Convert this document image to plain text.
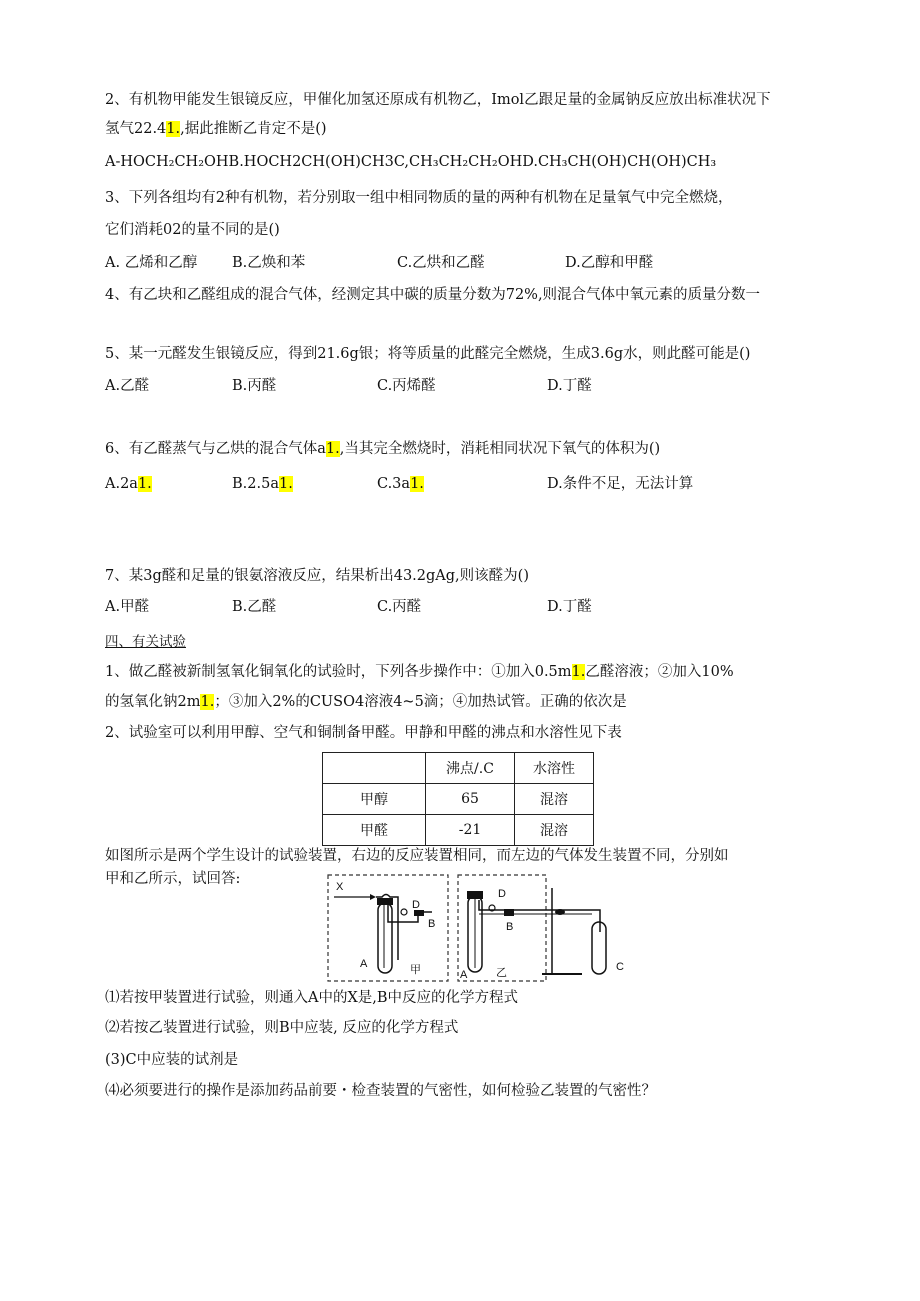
2、有机物甲能发生银镜反应，甲催化加氢还原成有机物乙，Imol乙跟足量的金属钠反应放出标准状况下
氢气22.41.,据此推断乙肯定不是()
A-HOCH₂CH₂OHB.HOCH2CH(OH)CH3C,CH₃CH₂CH₂OHD.CH₃CH(OH)CH(OH)CH₃
3、下列各组均有2种有机物，若分别取一组中相同物质的量的两种有机物在足量氧气中完全燃烧，
它们消耗02的量不同的是()
A. 乙烯和乙醇 B.乙焕和苯	C.乙烘和乙醛	D.乙醇和甲醛
4、有乙块和乙醛组成的混合气体，经测定其中碳的质量分数为72%,则混合气体中氧元素的质量分数一
5、某一元醛发生银镜反应，得到21.6g银；将等质量的此醛完全燃烧，生成3.6g水，则此醛可能是()
A.乙醛	B.丙醛	C.丙烯醛	D.丁醛
6、有乙醛蒸气与乙烘的混合气体a1.,当其完全燃烧时，消耗相同状况下氧气的体积为()
A.2a1.	B.2.5a1.	C.3a1.	D.条件不足，无法计算
7、某3g醛和足量的银氨溶液反应，结果析出43.2gAg,则该醛为()
A.甲醛	B.乙醛	C.丙醛	D.丁醛
四、有关试验
1、做乙醛被新制氢氧化铜氧化的试验时，下列各步操作中：①加入0.5m1.乙醛溶液；②加入10%
的氢氧化钠2m1.；③加入2%的CUSO4溶液4~5滴；④加热试管。正确的依次是
2、试验室可以利用甲醇、空气和铜制备甲醛。甲静和甲醛的沸点和水溶性见下表
	沸点/.C	水溶性
甲醇	65	混溶
甲醛	-21	混溶
如图所示是两个学生设计的试验装置，右边的反应装置相同，而左边的气体发生装置不同，分别如
甲和乙所示，试回答:	X
A
B
D
甲	A
B
D
乙	C
⑴若按甲装置进行试验，则通入A中的X是,B中反应的化学方程式
⑵若按乙装置进行试验，则B中应装, 反应的化学方程式
(3)C中应装的试剂是
⑷必须要进行的操作是添加药品前要・检查装置的气密性，如何检验乙装置的气密性？
